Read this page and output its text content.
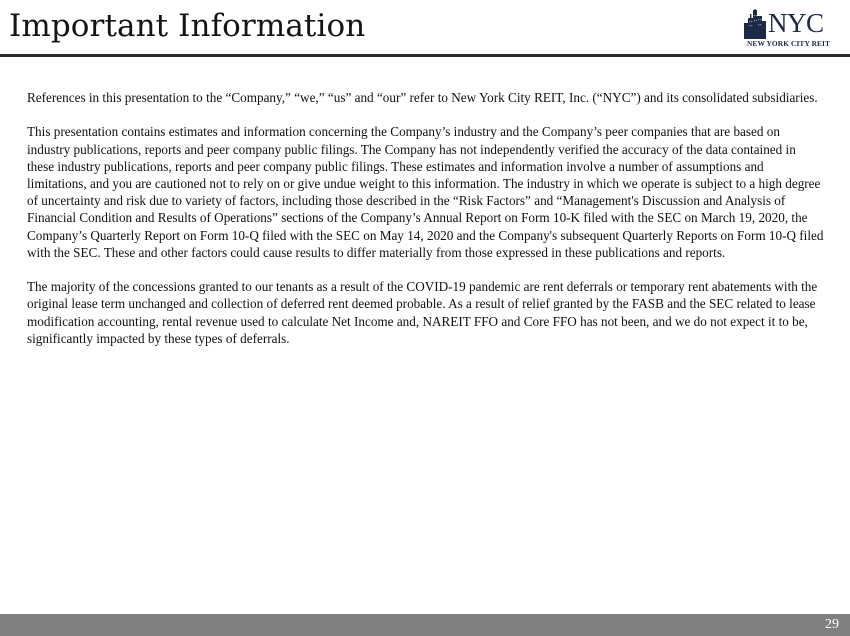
Important Information	NYC
NEW YORK CITY REIT

References in this presentation to the “Company,” “we,” “us” and “our” refer to New York City REIT, Inc. (“NYC”) and its consolidated subsidiaries.

This presentation contains estimates and information concerning the Company’s industry and the Company’s peer companies that are based on industry publications, reports and peer company public filings. The Company has not independently verified the accuracy of the data contained in these industry publications, reports and peer company public filings. These estimates and information involve a number of assumptions and limitations, and you are cautioned not to rely on or give undue weight to this information. The industry in which we operate is subject to a high degree of uncertainty and risk due to variety of factors, including those described in the “Risk Factors” and “Management's Discussion and Analysis of Financial Condition and Results of Operations” sections of the Company’s Annual Report on Form 10-K filed with the SEC on March 19, 2020, the Company’s Quarterly Report on Form 10-Q filed with the SEC on May 14, 2020 and the Company's subsequent Quarterly Reports on Form 10-Q filed with the SEC. These and other factors could cause results to differ materially from those expressed in these publications and reports.

The majority of the concessions granted to our tenants as a result of the COVID-19 pandemic are rent deferrals or temporary rent abatements with the original lease term unchanged and collection of deferred rent deemed probable. As a result of relief granted by the FASB and the SEC related to lease modification accounting, rental revenue used to calculate Net Income and, NAREIT FFO and Core FFO has not been, and we do not expect it to be, significantly impacted by these types of deferrals.

29
